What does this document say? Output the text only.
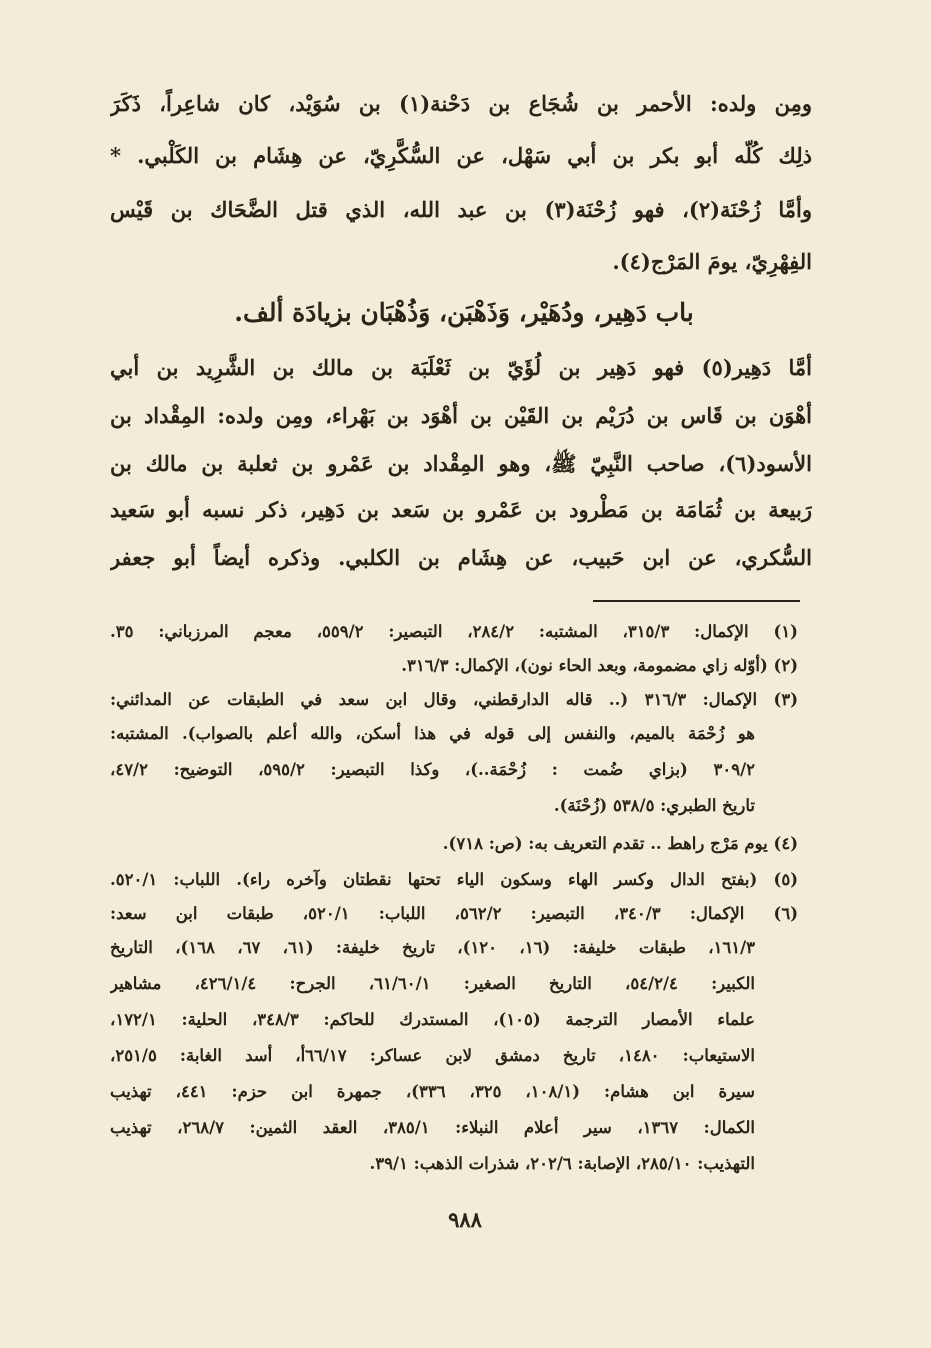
ومِن ولده: الأحمر بن شُجَاع بن دَحْنة(١) بن سُوَيْد، كان شاعِراً، ذَكَرَ
ذلِك كُلّه أبو بكر بن أبي سَهْل، عن السُّكَّرِيّ، عن هِشَام بن الكَلْبي. *
وأمَّا زُحْنَة(٢)، فهو زُحْنَة(٣) بن عبد الله، الذي قتل الضَّحَاك بن قَيْس
الفِهْرِيّ، يومَ المَرْج(٤).
باب دَهِير، ودُهَيْر، وَذَهْبَن، وَذُهْبَان بزيادَة ألف.
أمَّا دَهِير(٥) فهو دَهِير بن لُؤَيّ بن ثَعْلَبَة بن مالك بن الشَّرِيد بن أبي
أهْوَن بن قَاس بن دُرَيْم بن القَيْن بن أهْوَد بن بَهْراء، ومِن ولده: المِقْداد بن
الأسود(٦)، صاحب النَّبِيّ ﷺ، وهو المِقْداد بن عَمْرو بن ثعلبة بن مالك بن
رَبيعة بن ثُمَامَة بن مَطْرود بن عَمْرو بن سَعد بن دَهِير، ذكر نسبه أبو سَعيد
السُّكري، عن ابن حَبيب، عن هِشَام بن الكلبي. وذكره أيضاً أبو جعفر
(١) الإكمال: ٣١٥/٣، المشتبه: ٢٨٤/٢، التبصير: ٥٥٩/٢، معجم المرزباني: ٣٥.
(٢) (أوّله زاي مضمومة، وبعد الحاء نون)، الإكمال: ٣١٦/٣.
(٣) الإكمال: ٣١٦/٣ (.. قاله الدارقطني، وقال ابن سعد في الطبقات عن المدائني:
هو زُحْمَة بالميم، والنفس إلى قوله في هذا أسكن، والله أعلم بالصواب). المشتبه:
٣٠٩/٢ (بزاي ضُمت : زُحْمَة..)، وكذا التبصير: ٥٩٥/٢، التوضيح: ٤٧/٢،
تاريخ الطبري: ٥٣٨/٥ (زُحْنَة).
(٤) يوم مَرْج راهط .. تقدم التعريف به: (ص: ٧١٨).
(٥) (بفتح الدال وكسر الهاء وسكون الياء تحتها نقطتان وآخره راء). اللباب: ٥٢٠/١.
(٦) الإكمال: ٣٤٠/٣، التبصير: ٥٦٢/٢، اللباب: ٥٢٠/١، طبقات ابن سعد:
١٦١/٣، طبقات خليفة: (١٦، ١٢٠)، تاريخ خليفة: (٦١، ٦٧، ١٦٨)، التاريخ
الكبير: ٥٤/٢/٤، التاريخ الصغير: ٦١/٦٠/١، الجرح: ٤٢٦/١/٤، مشاهير
علماء الأمصار الترجمة (١٠٥)، المستدرك للحاكم: ٣٤٨/٣، الحلية: ١٧٢/١،
الاستيعاب: ١٤٨٠، تاريخ دمشق لابن عساكر: ٦٦/١٧أ، أسد الغابة: ٢٥١/٥،
سيرة ابن هشام: (١٠٨/١، ٣٢٥، ٣٣٦)، جمهرة ابن حزم: ٤٤١، تهذيب
الكمال: ١٣٦٧، سير أعلام النبلاء: ٣٨٥/١، العقد الثمين: ٢٦٨/٧، تهذيب
التهذيب: ٢٨٥/١٠، الإصابة: ٢٠٢/٦، شذرات الذهب: ٣٩/١.
٩٨٨
